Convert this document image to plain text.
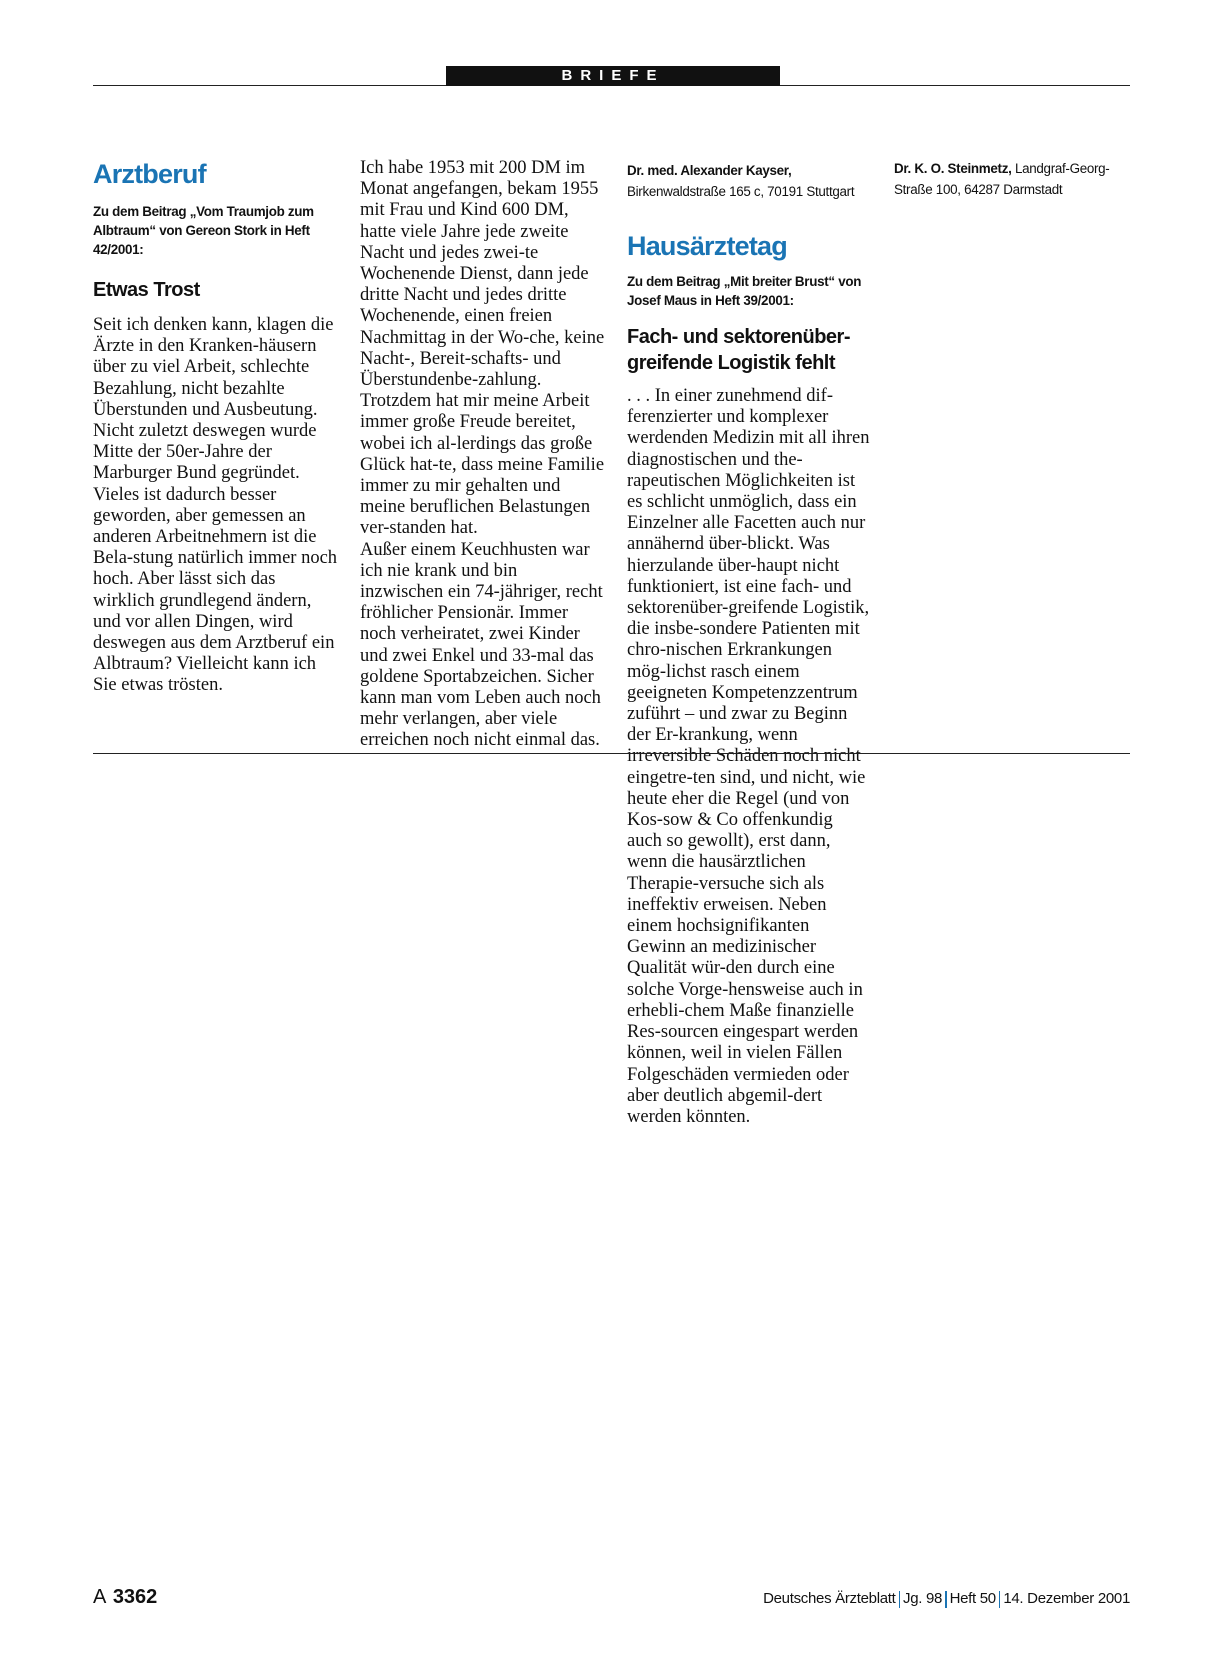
BRIEFE
Arztberuf

Zu dem Beitrag „Vom Traumjob zum Albtraum“ von Gereon Stork in Heft 42/2001:

Etwas Trost

Seit ich denken kann, klagen die Ärzte in den Kranken-häusern über zu viel Arbeit, schlechte Bezahlung, nicht bezahlte Überstunden und Ausbeutung. Nicht zuletzt deswegen wurde Mitte der 50er-Jahre der Marburger Bund gegründet. Vieles ist dadurch besser geworden, aber gemessen an anderen Arbeitnehmern ist die Bela-stung natürlich immer noch hoch. Aber lässt sich das wirklich grundlegend ändern, und vor allen Dingen, wird deswegen aus dem Arztberuf ein Albtraum? Vielleicht kann ich Sie etwas trösten.

Ich habe 1953 mit 200 DM im Monat angefangen, bekam 1955 mit Frau und Kind 600 DM, hatte viele Jahre jede zweite Nacht und jedes zwei-te Wochenende Dienst, dann jede dritte Nacht und jedes dritte Wochenende, einen freien Nachmittag in der Wo-che, keine Nacht-, Bereit-schafts- und Überstundenbe-zahlung. Trotzdem hat mir meine Arbeit immer große Freude bereitet, wobei ich al-lerdings das große Glück hat-te, dass meine Familie immer zu mir gehalten und meine beruflichen Belastungen ver-standen hat.

Außer einem Keuchhusten war ich nie krank und bin inzwischen ein 74-jähriger, recht fröhlicher Pensionär. Immer noch verheiratet, zwei Kinder und zwei Enkel und 33-mal das goldene Sportabzeichen. Sicher kann man vom Leben auch noch mehr verlangen, aber viele erreichen noch nicht einmal das.

Dr. med. Alexander Kayser, Birkenwaldstraße 165 c, 70191 Stuttgart

Hausärztetag

Zu dem Beitrag „Mit breiter Brust“ von Josef Maus in Heft 39/2001:

Fach- und sektorenüber-greifende Logistik fehlt

. . . In einer zunehmend dif-ferenzierter und komplexer werdenden Medizin mit all ihren diagnostischen und the-rapeutischen Möglichkeiten ist es schlicht unmöglich, dass ein Einzelner alle Facetten auch nur annähernd über-blickt. Was hierzulande über-haupt nicht funktioniert, ist eine fach- und sektorenüber-greifende Logistik, die insbe-sondere Patienten mit chro-nischen Erkrankungen mög-lichst rasch einem geeigneten Kompetenzzentrum zuführt – und zwar zu Beginn der Er-krankung, wenn irreversible Schäden noch nicht eingetre-ten sind, und nicht, wie heute eher die Regel (und von Kos-sow & Co offenkundig auch so gewollt), erst dann, wenn die hausärztlichen Therapie-versuche sich als ineffektiv erweisen. Neben einem hochsignifikanten Gewinn an medizinischer Qualität wür-den durch eine solche Vorge-hensweise auch in erhebli-chem Maße finanzielle Res-sourcen eingespart werden können, weil in vielen Fällen Folgeschäden vermieden oder aber deutlich abgemil-dert werden könnten.

Dr. K. O. Steinmetz, Landgraf-Georg-Straße 100, 64287 Darmstadt

A 3362	Deutsches Ärzteblatt Jg. 98 Heft 50 14. Dezember 2001
